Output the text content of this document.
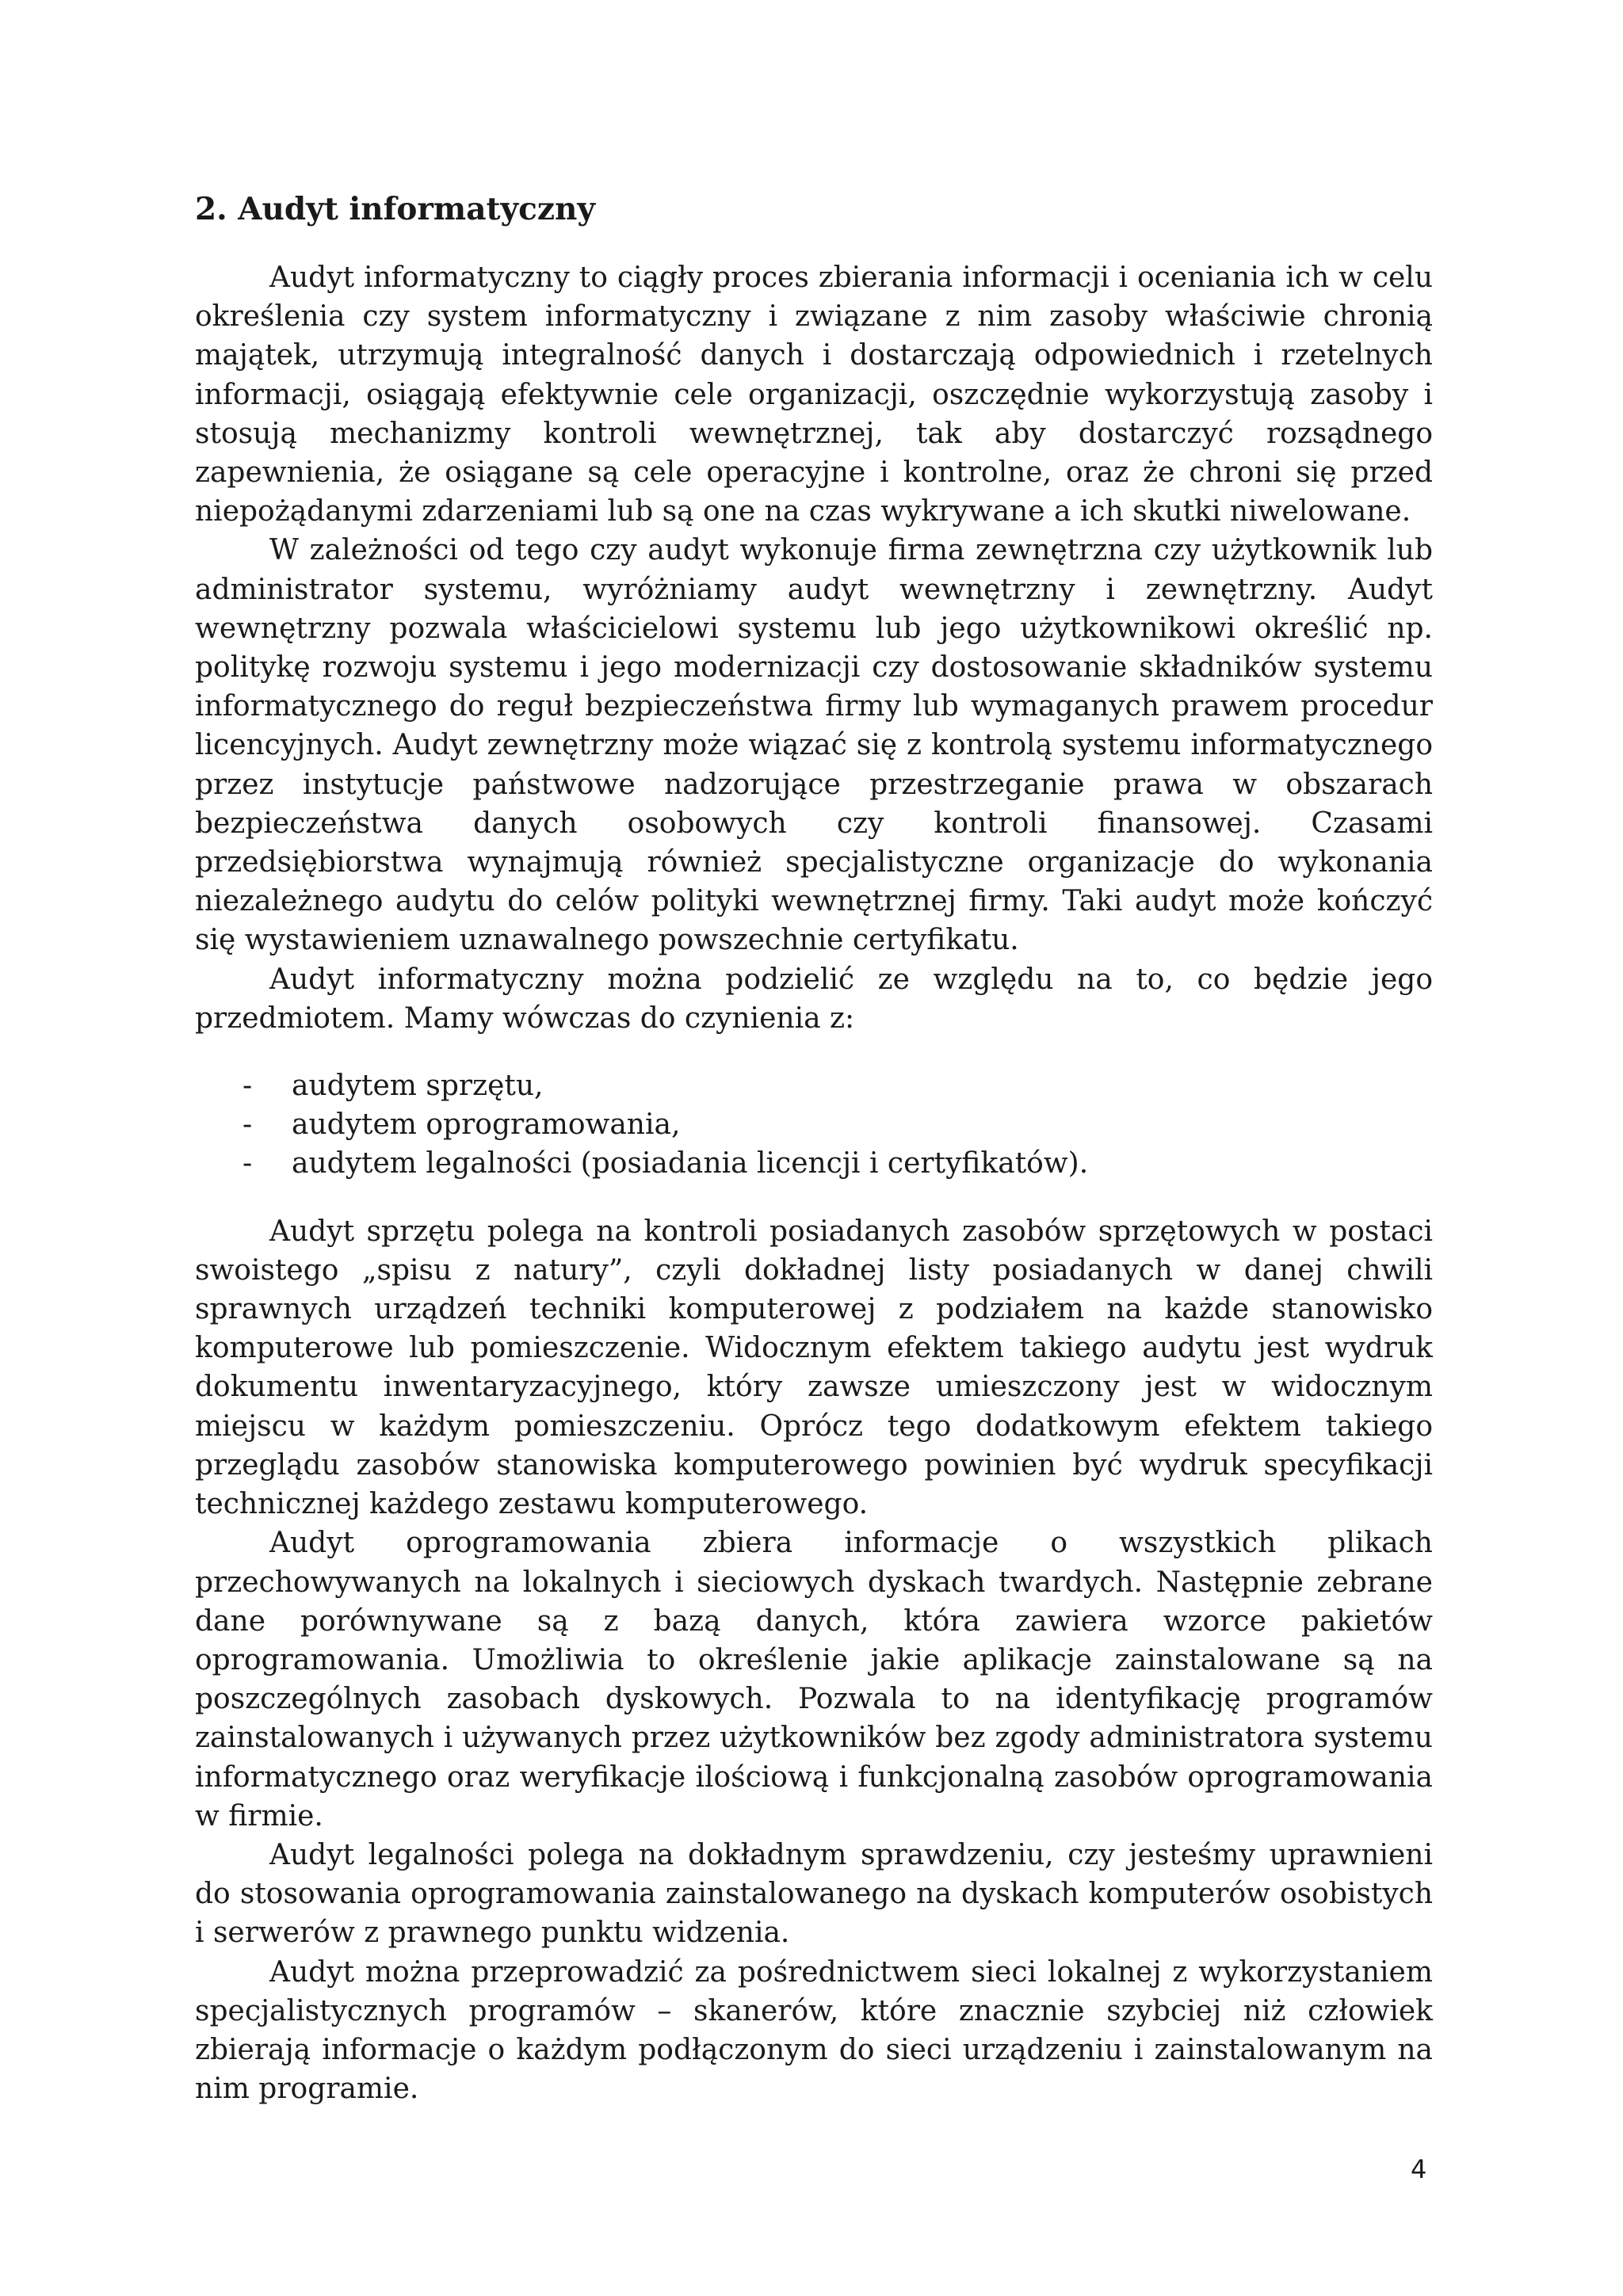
2. Audyt informatyczny

Audyt informatyczny to ciągły proces zbierania informacji i oceniania ich w celu określenia czy system informatyczny i związane z nim zasoby właściwie chronią majątek, utrzymują integralność danych i dostarczają odpowiednich i rzetelnych informacji, osiągają efektywnie cele organizacji, oszczędnie wykorzystują zasoby i stosują mechanizmy kontroli wewnętrznej, tak aby dostarczyć rozsądnego zapewnienia, że osiągane są cele operacyjne i kontrolne, oraz że chroni się przed niepożądanymi zdarzeniami lub są one na czas wykrywane a ich skutki niwelowane.

W zależności od tego czy audyt wykonuje firma zewnętrzna czy użytkownik lub administrator systemu, wyróżniamy audyt wewnętrzny i zewnętrzny. Audyt wewnętrzny pozwala właścicielowi systemu lub jego użytkownikowi określić np. politykę rozwoju systemu i jego modernizacji czy dostosowanie składników systemu informatycznego do reguł bezpieczeństwa firmy lub wymaganych prawem procedur licencyjnych. Audyt zewnętrzny może wiązać się z kontrolą systemu informatycznego przez instytucje państwowe nadzorujące przestrzeganie prawa w obszarach bezpieczeństwa danych osobowych czy kontroli finansowej. Czasami przedsiębiorstwa wynajmują również specjalistyczne organizacje do wykonania niezależnego audytu do celów polityki wewnętrznej firmy. Taki audyt może kończyć się wystawieniem uznawalnego powszechnie certyfikatu.

Audyt informatyczny można podzielić ze względu na to, co będzie jego przedmiotem. Mamy wówczas do czynienia z:

- audytem sprzętu,
- audytem oprogramowania,
- audytem legalności (posiadania licencji i certyfikatów).

Audyt sprzętu polega na kontroli posiadanych zasobów sprzętowych w postaci swoistego „spisu z natury”, czyli dokładnej listy posiadanych w danej chwili sprawnych urządzeń techniki komputerowej z podziałem na każde stanowisko komputerowe lub pomieszczenie. Widocznym efektem takiego audytu jest wydruk dokumentu inwentaryzacyjnego, który zawsze umieszczony jest w widocznym miejscu w każdym pomieszczeniu. Oprócz tego dodatkowym efektem takiego przeglądu zasobów stanowiska komputerowego powinien być wydruk specyfikacji technicznej każdego zestawu komputerowego.

Audyt oprogramowania zbiera informacje o wszystkich plikach przechowywanych na lokalnych i sieciowych dyskach twardych. Następnie zebrane dane porównywane są z bazą danych, która zawiera wzorce pakietów oprogramowania. Umożliwia to określenie jakie aplikacje zainstalowane są na poszczególnych zasobach dyskowych. Pozwala to na identyfikację programów zainstalowanych i używanych przez użytkowników bez zgody administratora systemu informatycznego oraz weryfikacje ilościową i funkcjonalną zasobów oprogramowania w firmie.

Audyt legalności polega na dokładnym sprawdzeniu, czy jesteśmy uprawnieni do stosowania oprogramowania zainstalowanego na dyskach komputerów osobistych i serwerów z prawnego punktu widzenia.

Audyt można przeprowadzić za pośrednictwem sieci lokalnej z wykorzystaniem specjalistycznych programów – skanerów, które znacznie szybciej niż człowiek zbierają informacje o każdym podłączonym do sieci urządzeniu i zainstalowanym na nim programie.

4
